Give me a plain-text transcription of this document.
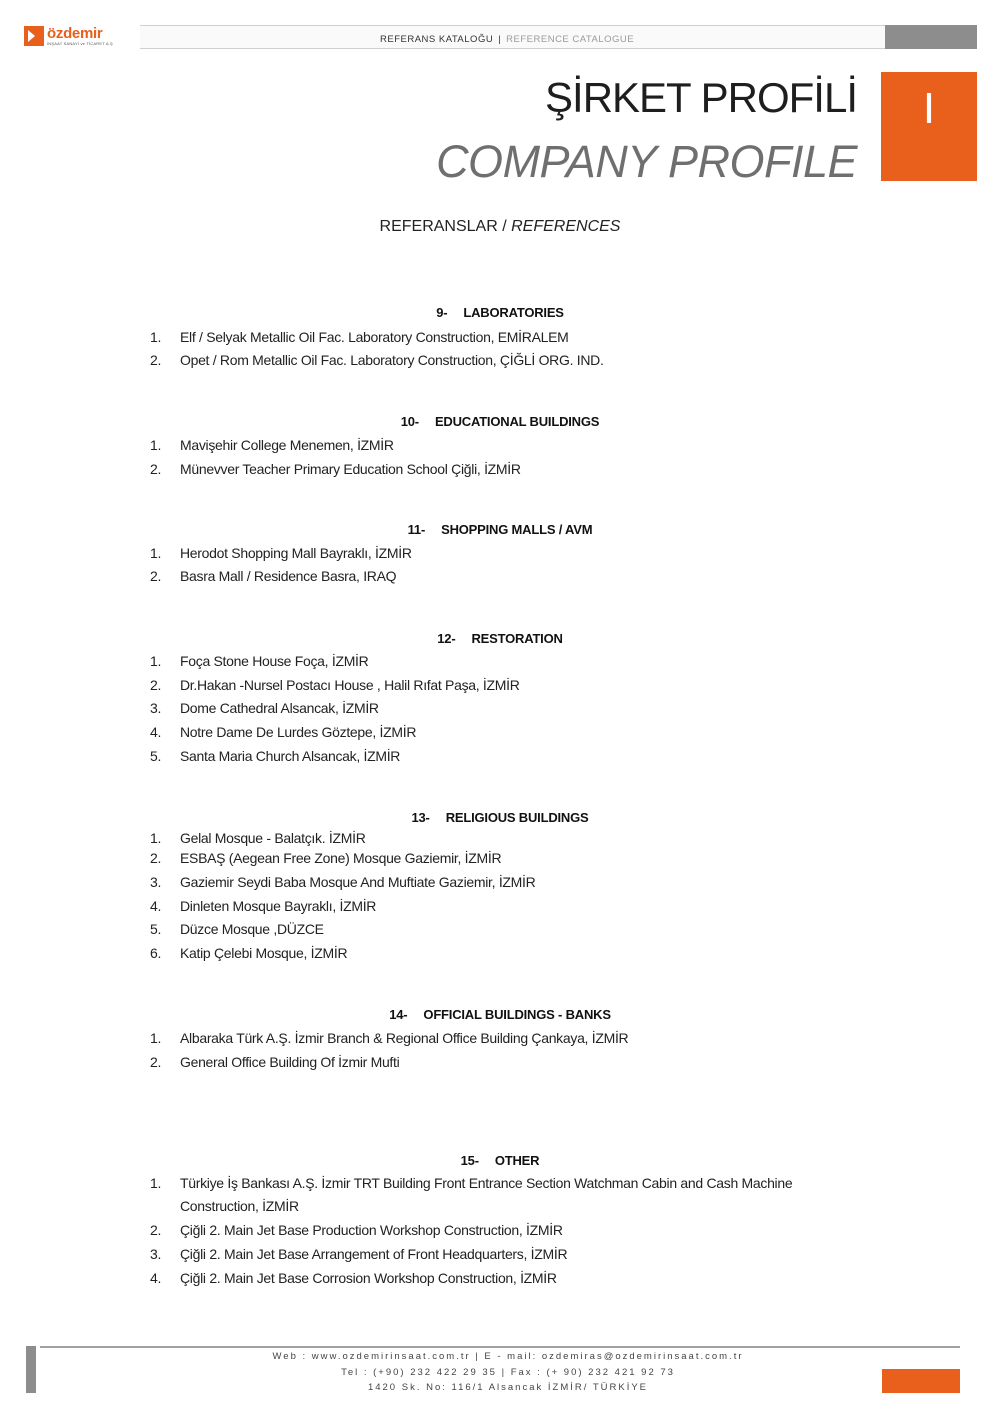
özdemir
İNŞAAT SANAYİ ve TİCARET A.Ş	REFERANS KATALOĞU | REFERENCE CATALOGUE
ŞİRKET PROFİLİ
COMPANY PROFILE
I
REFERANSLAR / REFERENCES
9- LABORATORIES
1. Elf / Selyak Metallic Oil Fac. Laboratory Construction, EMİRALEM
2. Opet / Rom Metallic Oil Fac. Laboratory Construction, ÇİĞLİ ORG. IND.
10- EDUCATIONAL BUILDINGS
1. Mavişehir College Menemen, İZMİR
2. Münevver Teacher Primary Education School Çiğli, İZMİR
11- SHOPPING MALLS / AVM
1. Herodot Shopping Mall Bayraklı, İZMİR
2. Basra Mall / Residence Basra, IRAQ
12- RESTORATION
1. Foça Stone House Foça, İZMİR
2. Dr.Hakan -Nursel Postacı House , Halil Rıfat Paşa, İZMİR
3. Dome Cathedral Alsancak, İZMİR
4. Notre Dame De Lurdes Göztepe, İZMİR
5. Santa Maria Church Alsancak, İZMİR
13- RELIGIOUS BUILDINGS
1. Gelal Mosque - Balatçık. İZMİR
2. ESBAŞ (Aegean Free Zone) Mosque Gaziemir, İZMİR
3. Gaziemir Seydi Baba Mosque And Muftiate Gaziemir, İZMİR
4. Dinleten Mosque Bayraklı, İZMİR
5. Düzce Mosque ,DÜZCE
6. Katip Çelebi Mosque, İZMİR
14- OFFICIAL BUILDINGS - BANKS
1. Albaraka Türk A.Ş. İzmir Branch & Regional Office Building Çankaya, İZMİR
2. General Office Building Of İzmir Mufti
15- OTHER
1. Türkiye İş Bankası A.Ş. İzmir TRT Building Front Entrance Section Watchman Cabin and Cash Machine Construction, İZMİR
2. Çiğli 2. Main Jet Base Production Workshop Construction, İZMİR
3. Çiğli 2. Main Jet Base Arrangement of Front Headquarters, İZMİR
4. Çiğli 2. Main Jet Base Corrosion Workshop Construction, İZMİR
Web : www.ozdemirinsaat.com.tr | E - mail: ozdemiras@ozdemirinsaat.com.tr
Tel : (+90) 232 422 29 35 | Fax : (+ 90) 232 421 92 73
1420 Sk. No: 116/1 Alsancak İZMİR/ TÜRKİYE
